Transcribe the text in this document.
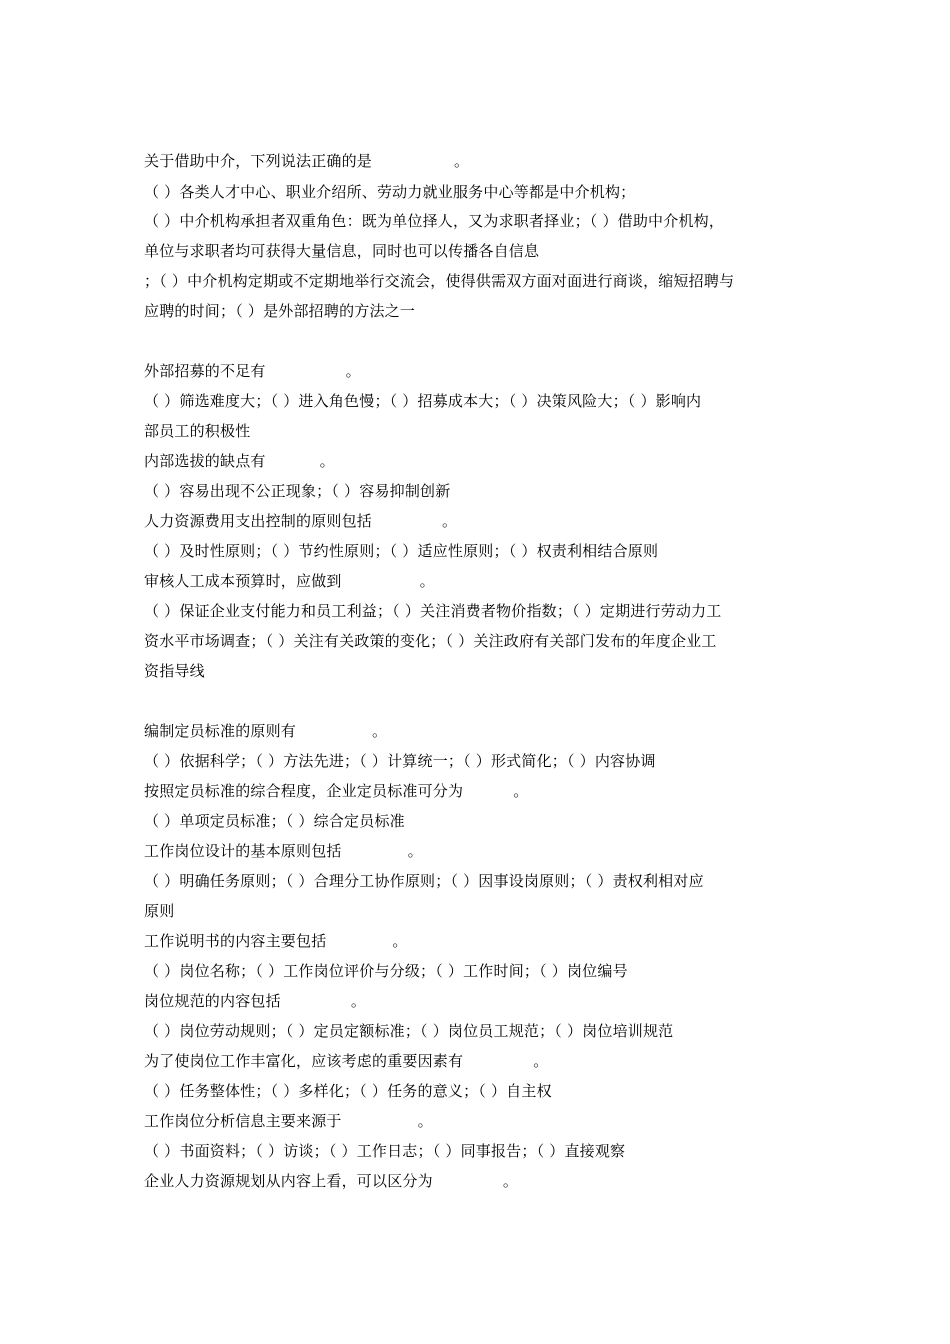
关于借助中介，下列说法正确的是	。
（ ）各类人才中心、职业介绍所、劳动力就业服务中心等都是中介机构；
（ ）中介机构承担者双重角色：既为单位择人，又为求职者择业；（ ）借助中介机构，
单位与求职者均可获得大量信息，同时也可以传播各自信息
；（ ）中介机构定期或不定期地举行交流会，使得供需双方面对面进行商谈，缩短招聘与
应聘的时间；（ ）是外部招聘的方法之一
外部招募的不足有	。
（ ）筛选难度大；（ ）进入角色慢；（ ）招募成本大；（ ）决策风险大；（ ）影响内
部员工的积极性
内部选拔的缺点有	。
（ ）容易出现不公正现象；（ ）容易抑制创新
人力资源费用支出控制的原则包括	。
（ ）及时性原则；（ ）节约性原则；（ ）适应性原则；（ ）权责利相结合原则
审核人工成本预算时，应做到	。
（ ）保证企业支付能力和员工利益；（ ）关注消费者物价指数；（ ）定期进行劳动力工
资水平市场调查；（ ）关注有关政策的变化；（ ）关注政府有关部门发布的年度企业工
资指导线
编制定员标准的原则有	。
（ ）依据科学；（ ）方法先进；（ ）计算统一；（ ）形式简化；（ ）内容协调
按照定员标准的综合程度，企业定员标准可分为	。
（ ）单项定员标准；（ ）综合定员标准
工作岗位设计的基本原则包括	。
（ ）明确任务原则；（ ）合理分工协作原则；（ ）因事设岗原则；（ ）责权利相对应
原则
工作说明书的内容主要包括	。
（ ）岗位名称；（ ）工作岗位评价与分级；（ ）工作时间；（ ）岗位编号
岗位规范的内容包括	。
（ ）岗位劳动规则；（ ）定员定额标准；（ ）岗位员工规范；（ ）岗位培训规范
为了使岗位工作丰富化，应该考虑的重要因素有	。
（ ）任务整体性；（ ）多样化；（ ）任务的意义；（ ）自主权
工作岗位分析信息主要来源于	。
（ ）书面资料；（ ）访谈；（ ）工作日志；（ ）同事报告；（ ）直接观察
企业人力资源规划从内容上看，可以区分为	。
